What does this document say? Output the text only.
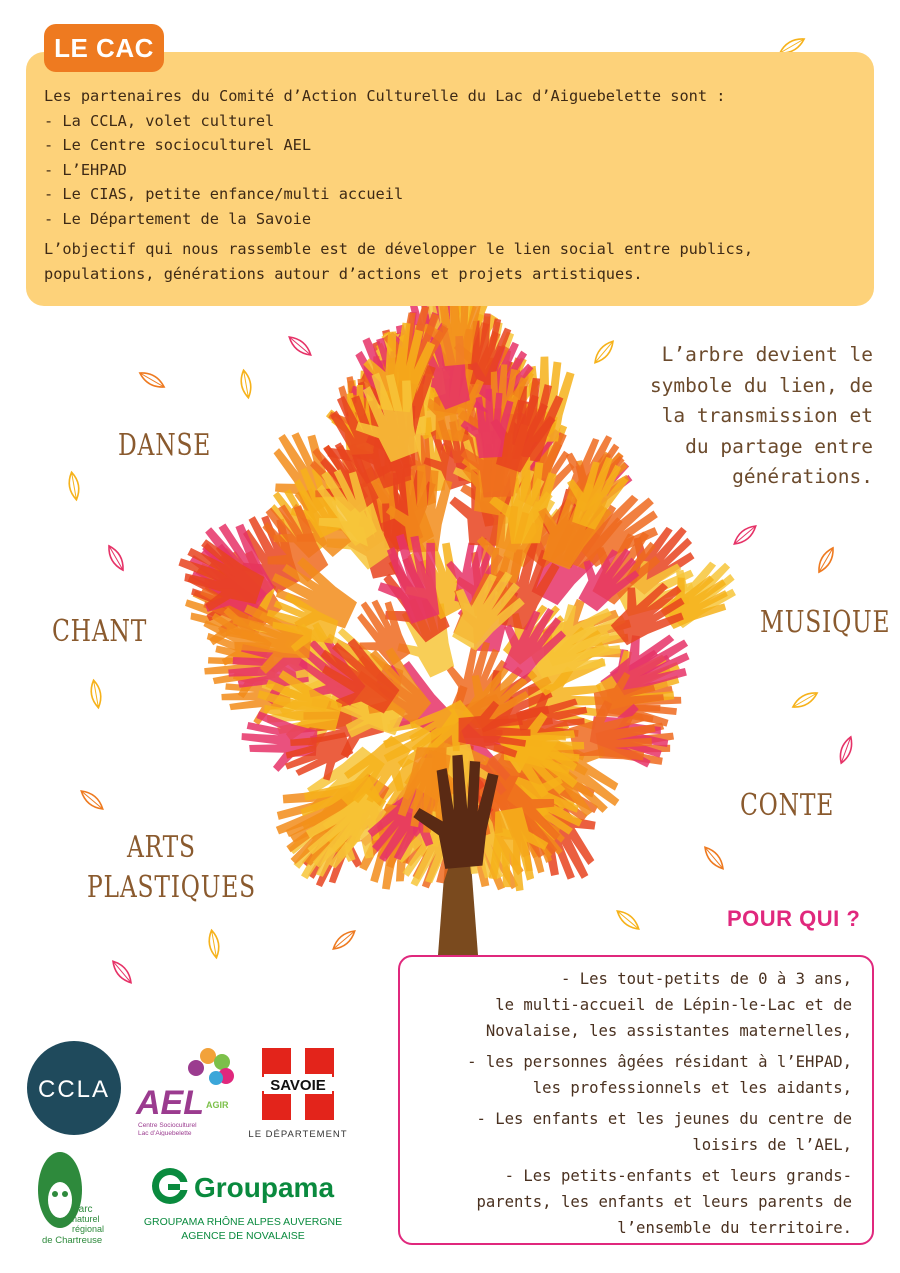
Les partenaires du Comité d’Action Culturelle du Lac d’Aiguebelette sont :

- La CCLA, volet culturel

- Le Centre socioculturel AEL

- L’EHPAD

- Le CIAS, petite enfance/multi accueil

- Le Département de la Savoie

L’objectif qui nous rassemble est de développer le lien social entre publics,

populations, générations autour d’actions et projets artistiques.

LE CAC
L’arbre devient le
symbole du lien, de
la transmission et
du partage entre
générations.
DANSE
CHANT	MUSIQUE
CONTE
ARTS
PLASTIQUES
POUR QUI ?
- Les tout-petits de 0 à 3 ans,
le multi-accueil de Lépin-le-Lac et de
Novalaise, les assistantes maternelles,
- les personnes âgées résidant à l’EHPAD,
les professionnels et les aidants,
- Les enfants et les jeunes du centre de
loisirs de l’AEL,
- Les petits-enfants et leurs grands-
parents, les enfants et leurs parents de
l’ensemble du territoire.
CCLA AEL AGIR
Centre Socioculturel
Lac d’Aiguebelette
SAVOIE
LE DÉPARTEMENT
Parc
naturel
régional
de Chartreuse
Groupama
GROUPAMA RHÔNE ALPES AUVERGNE
AGENCE DE NOVALAISE
